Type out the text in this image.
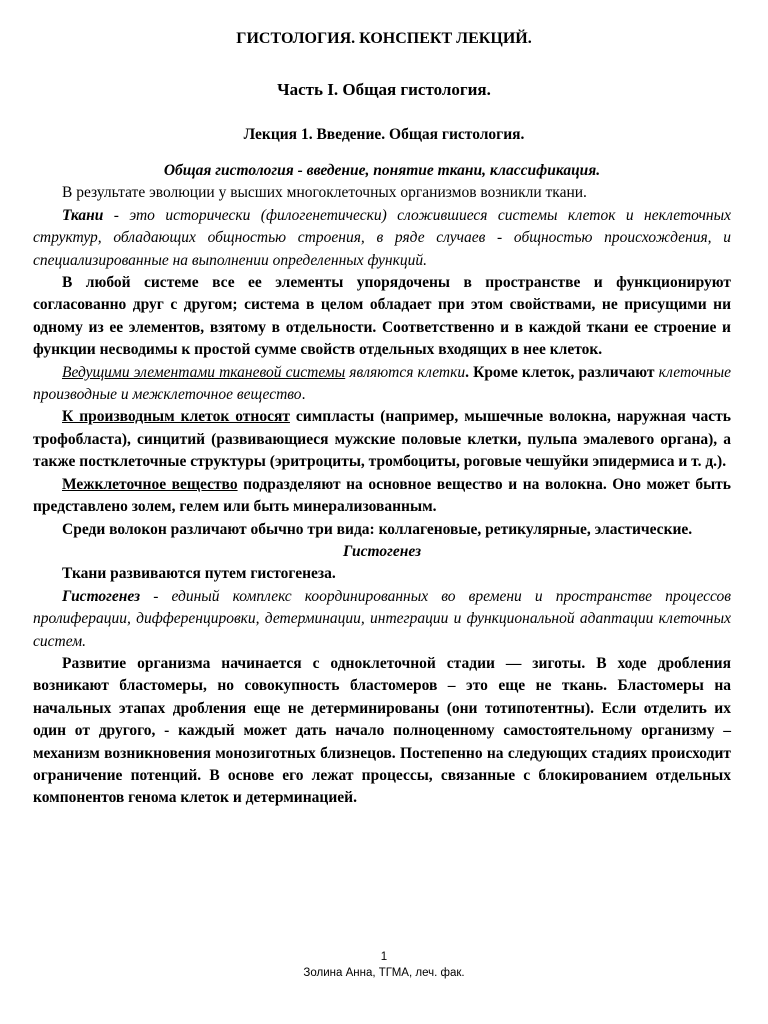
ГИСТОЛОГИЯ. КОНСПЕКТ ЛЕКЦИЙ.
Часть I. Общая гистология.
Лекция 1. Введение. Общая гистология.
Общая гистология - введение, понятие ткани, классификация.

В результате эволюции у высших многоклеточных организмов возникли ткани.

Ткани - это исторически (филогенетически) сложившиеся системы клеток и неклеточных структур, обладающих общностью строения, в ряде случаев - общностью происхождения, и специализированные на выполнении определенных функций.

В любой системе все ее элементы упорядочены в пространстве и функционируют согласованно друг с другом; система в целом обладает при этом свойствами, не присущими ни одному из ее элементов, взятому в отдельности. Соответственно и в каждой ткани ее строение и функции несводимы к простой сумме свойств отдельных входящих в нее клеток.

Ведущими элементами тканевой системы являются клетки. Кроме клеток, различают клеточные производные и межклеточное вещество.

К производным клеток относят симпласты (например, мышечные волокна, наружная часть трофобласта), синцитий (развивающиеся мужские половые клетки, пульпа эмалевого органа), а также постклеточные структуры (эритроциты, тромбоциты, роговые чешуйки эпидермиса и т. д.).

Межклеточное вещество подразделяют на основное вещество и на волокна. Оно может быть представлено золем, гелем или быть минерализованным.

Среди волокон различают обычно три вида: коллагеновые, ретикулярные, эластические.

Гистогенез

Ткани развиваются путем гистогенеза.

Гистогенез - единый комплекс координированных во времени и пространстве процессов пролиферации, дифференцировки, детерминации, интеграции и функциональной адаптации клеточных систем.

Развитие организма начинается с одноклеточной стадии — зиготы. В ходе дробления возникают бластомеры, но совокупность бластомеров – это еще не ткань. Бластомеры на начальных этапах дробления еще не детерминированы (они тотипотентны). Если отделить их один от другого, - каждый может дать начало полноценному самостоятельному организму – механизм возникновения монозиготных близнецов. Постепенно на следующих стадиях происходит ограничение потенций. В основе его лежат процессы, связанные с блокированием отдельных компонентов генома клеток и детерминацией.

1
Золина Анна, ТГМА, леч. фак.
